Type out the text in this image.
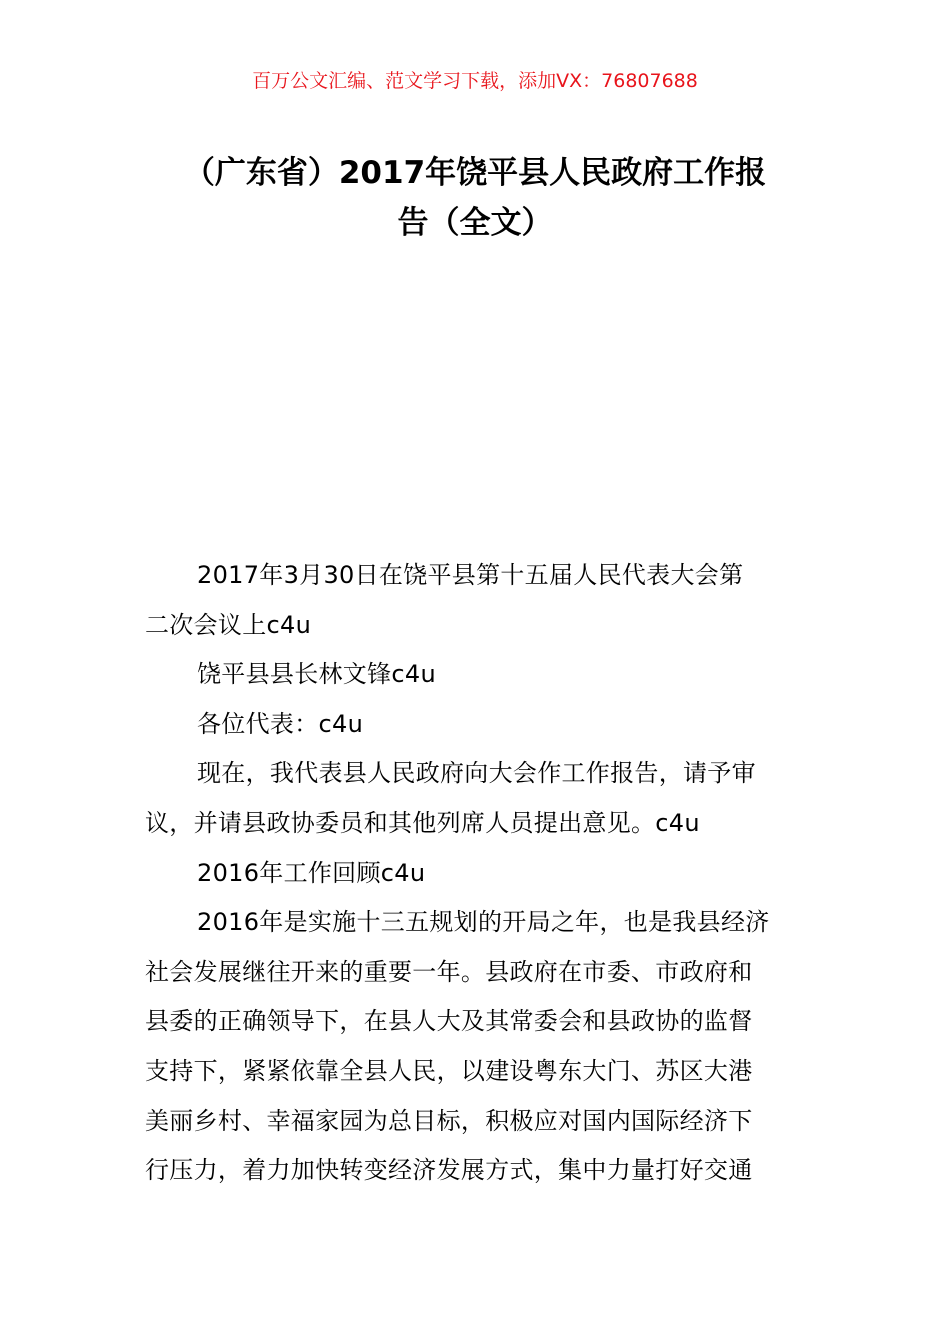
百万公文汇编、范文学习下载，添加VX：76807688
（广东省）2017年饶平县人民政府工作报
告（全文）

2017年3月30日在饶平县第十五届人民代表大会第
二次会议上c4u

饶平县县长林文锋c4u

各位代表：c4u

现在，我代表县人民政府向大会作工作报告，请予审
议，并请县政协委员和其他列席人员提出意见。c4u

2016年工作回顾c4u

2016年是实施十三五规划的开局之年，也是我县经济
社会发展继往开来的重要一年。县政府在市委、市政府和
县委的正确领导下，在县人大及其常委会和县政协的监督
支持下，紧紧依靠全县人民，以建设粤东大门、苏区大港
美丽乡村、幸福家园为总目标，积极应对国内国际经济下
行压力，着力加快转变经济发展方式，集中力量打好交通
